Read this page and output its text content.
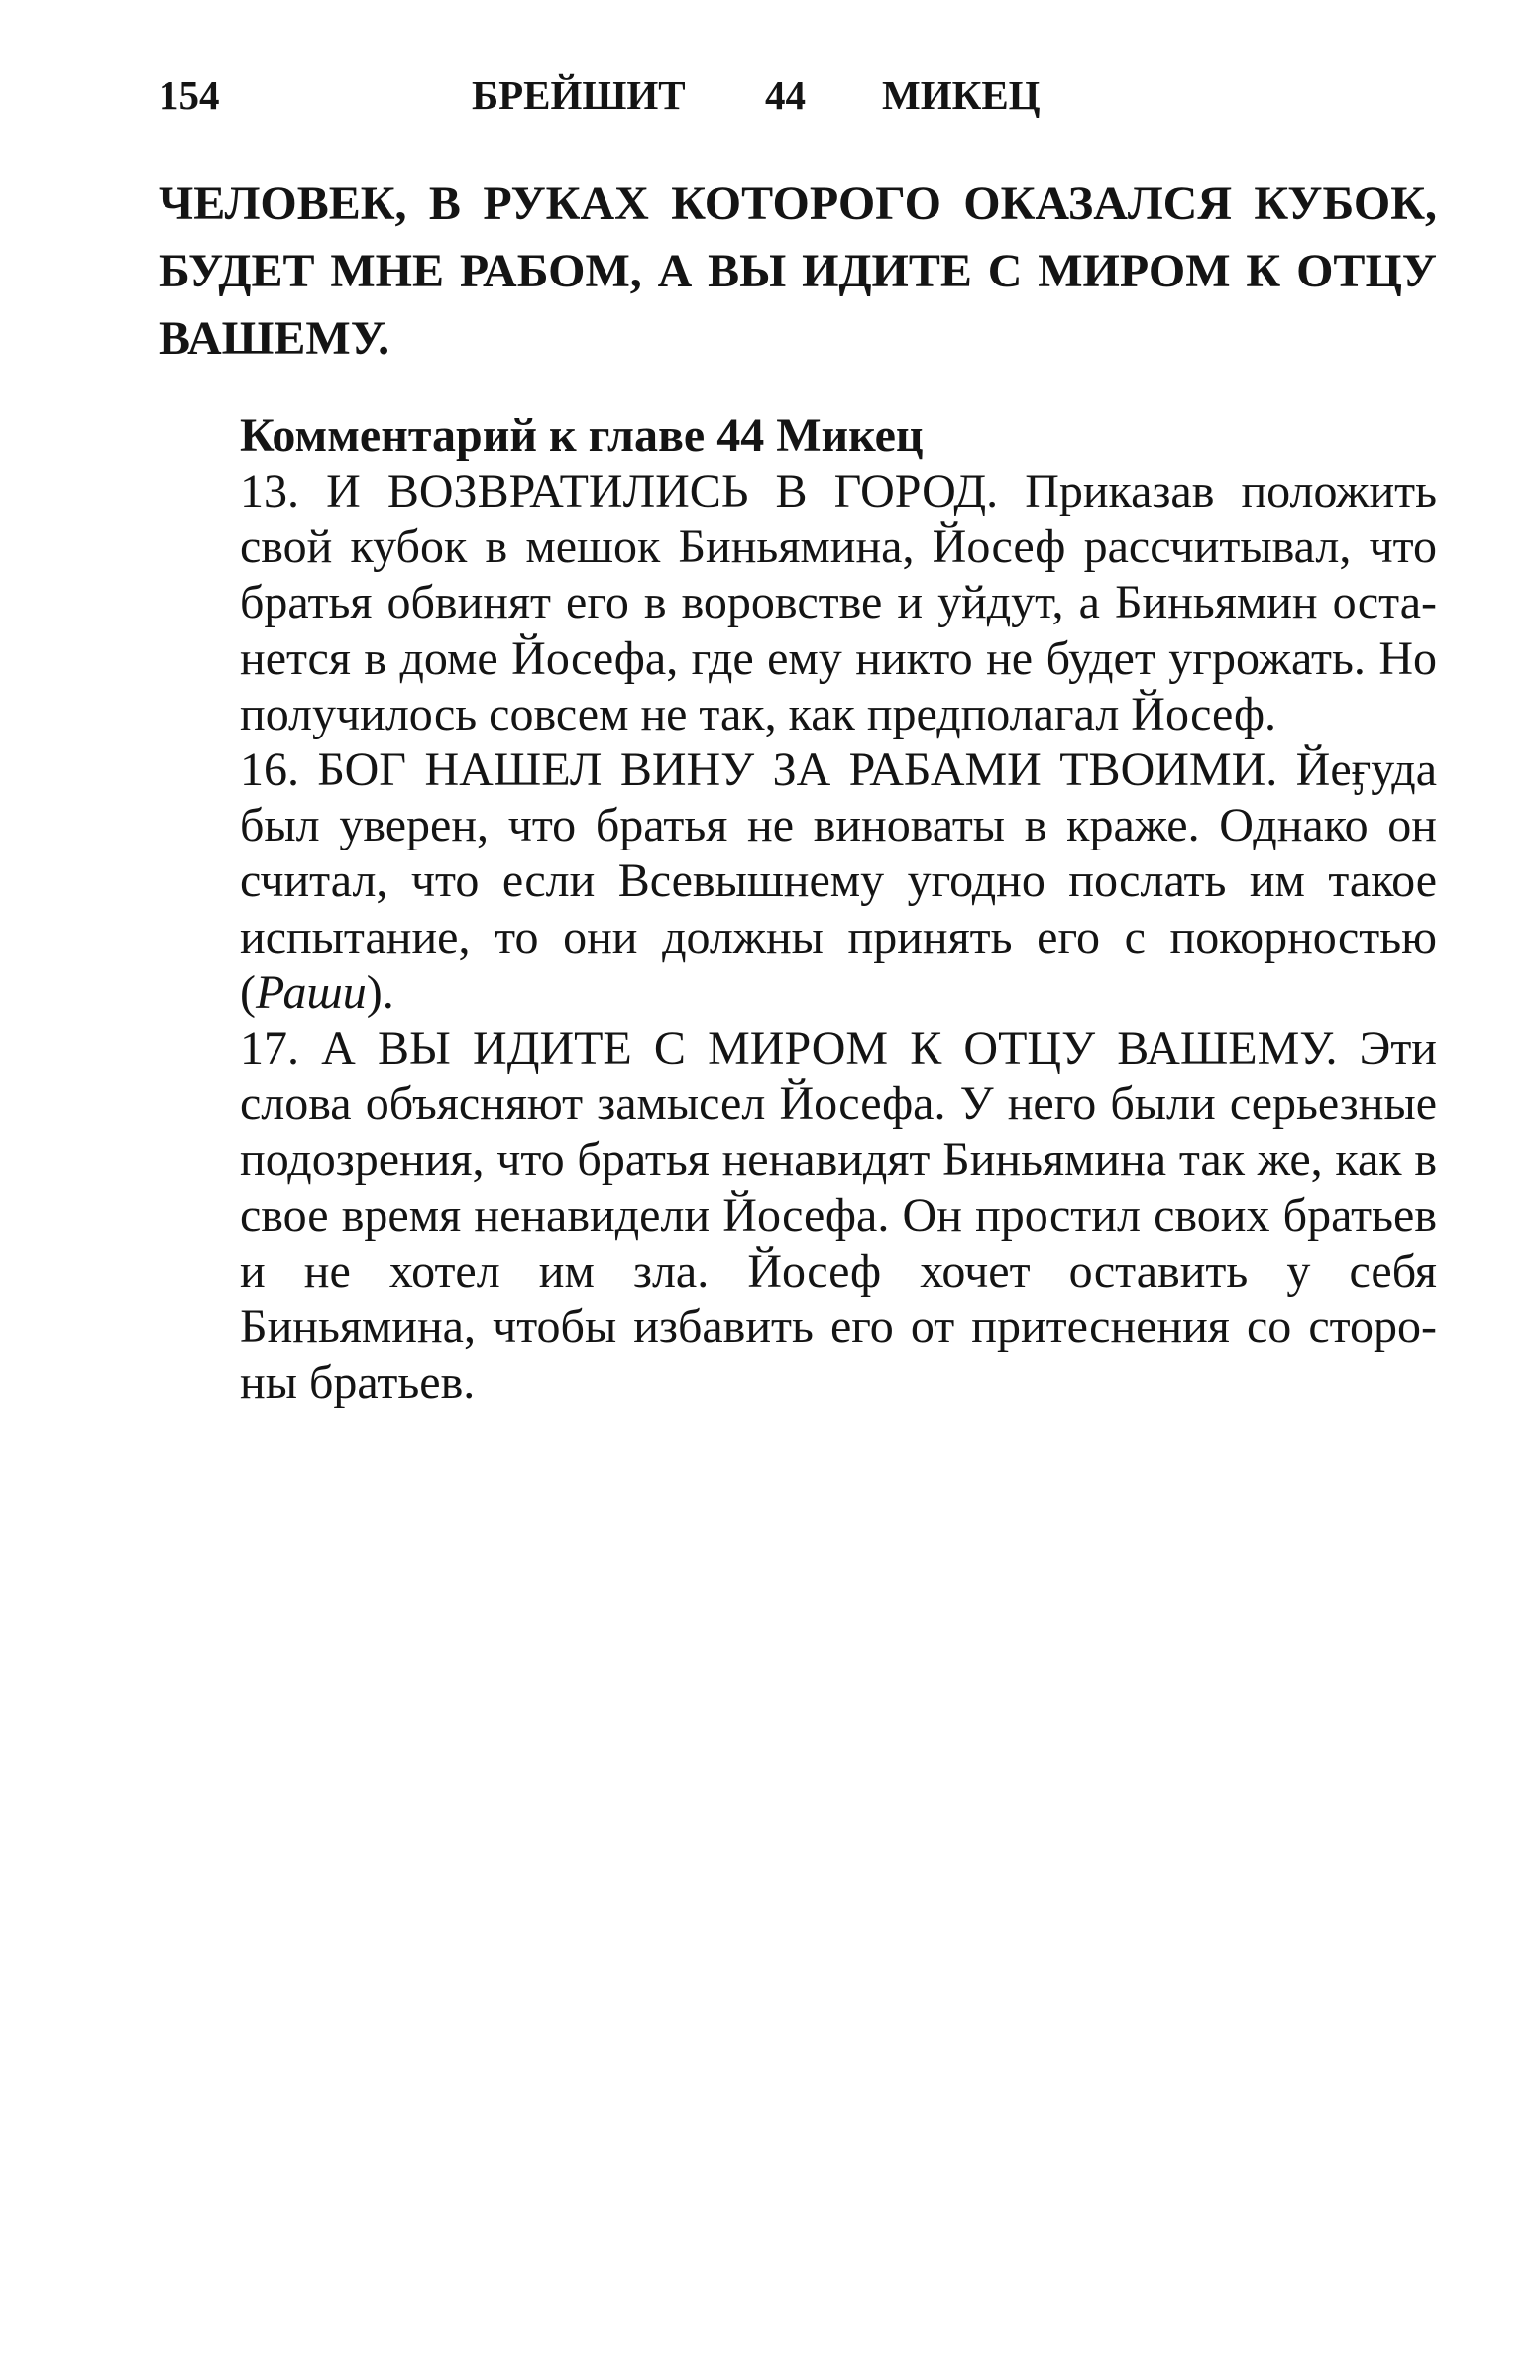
154	БРЕЙШИТ 44 МИКЕЦ

ЧЕЛОВЕК, В РУКАХ КОТОРОГО ОКАЗАЛСЯ КУБОК, БУДЕТ МНЕ РАБОМ, А ВЫ ИДИТЕ С МИРОМ К ОТЦУ ВАШЕМУ.

Комментарий к главе 44 Микец

13. И ВОЗВРАТИЛИСЬ В ГОРОД. Приказав положить свой кубок в мешок Биньямина, Йосеф рассчитывал, что братья обвинят его в воровстве и уйдут, а Биньямин останется в доме Йосефа, где ему никто не будет угрожать. Но получилось совсем не так, как предполагал Йосеф.

16. БОГ НАШЕЛ ВИНУ ЗА РАБАМИ ТВОИМИ. Йеӻуда был уверен, что братья не виноваты в краже. Однако он считал, что если Всевышнему угодно послать им такое испытание, то они должны принять его с покорностью (Раши).

17. А ВЫ ИДИТЕ С МИРОМ К ОТЦУ ВАШЕМУ. Эти слова объясняют замысел Йосефа. У него были серьезные подозрения, что братья ненавидят Биньямина так же, как в свое время ненавидели Йосефа. Он простил своих братьев и не хотел им зла. Йосеф хочет оставить у себя Биньямина, чтобы избавить его от притеснения со стороны братьев.
